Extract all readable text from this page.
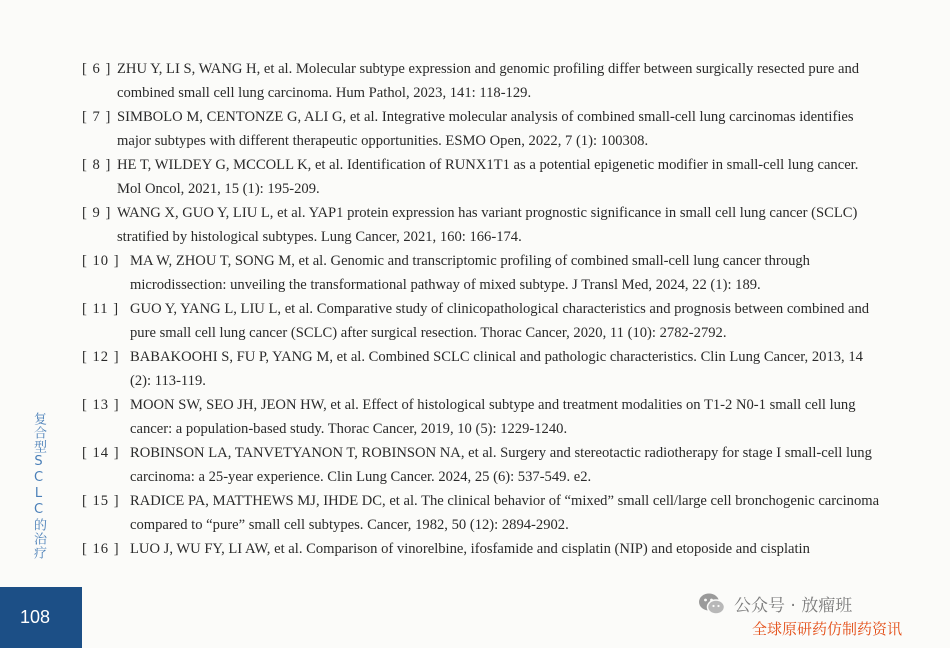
[ 6 ] ZHU Y, LI S, WANG H, et al. Molecular subtype expression and genomic profiling differ between surgically resected pure and combined small cell lung carcinoma. Hum Pathol, 2023, 141: 118-129.
[ 7 ] SIMBOLO M, CENTONZE G, ALI G, et al. Integrative molecular analysis of combined small-cell lung carcinomas identifies major subtypes with different therapeutic opportunities. ESMO Open, 2022, 7 (1): 100308.
[ 8 ] HE T, WILDEY G, MCCOLL K, et al. Identification of RUNX1T1 as a potential epigenetic modifier in small-cell lung cancer. Mol Oncol, 2021, 15 (1): 195-209.
[ 9 ] WANG X, GUO Y, LIU L, et al. YAP1 protein expression has variant prognostic significance in small cell lung cancer (SCLC) stratified by histological subtypes. Lung Cancer, 2021, 160: 166-174.
[ 10 ] MA W, ZHOU T, SONG M, et al. Genomic and transcriptomic profiling of combined small-cell lung cancer through microdissection: unveiling the transformational pathway of mixed subtype. J Transl Med, 2024, 22 (1): 189.
[ 11 ] GUO Y, YANG L, LIU L, et al. Comparative study of clinicopathological characteristics and prognosis between combined and pure small cell lung cancer (SCLC) after surgical resection. Thorac Cancer, 2020, 11 (10): 2782-2792.
[ 12 ] BABAKOOHI S, FU P, YANG M, et al. Combined SCLC clinical and pathologic characteristics. Clin Lung Cancer, 2013, 14 (2): 113-119.
[ 13 ] MOON SW, SEO JH, JEON HW, et al. Effect of histological subtype and treatment modalities on T1-2 N0-1 small cell lung cancer: a population-based study. Thorac Cancer, 2019, 10 (5): 1229-1240.
[ 14 ] ROBINSON LA, TANVETYANON T, ROBINSON NA, et al. Surgery and stereotactic radiotherapy for stage I small-cell lung carcinoma: a 25-year experience. Clin Lung Cancer. 2024, 25 (6): 537-549. e2.
[ 15 ] RADICE PA, MATTHEWS MJ, IHDE DC, et al. The clinical behavior of “mixed” small cell/large cell bronchogenic carcinoma compared to “pure” small cell subtypes. Cancer, 1982, 50 (12): 2894-2902.
[ 16 ] LUO J, WU FY, LI AW, et al. Comparison of vinorelbine, ifosfamide and cisplatin (NIP) and etoposide and cisplatin
复合型SCLC的治疗
108
公众号 · 放瘤班
全球原研药仿制药资讯
